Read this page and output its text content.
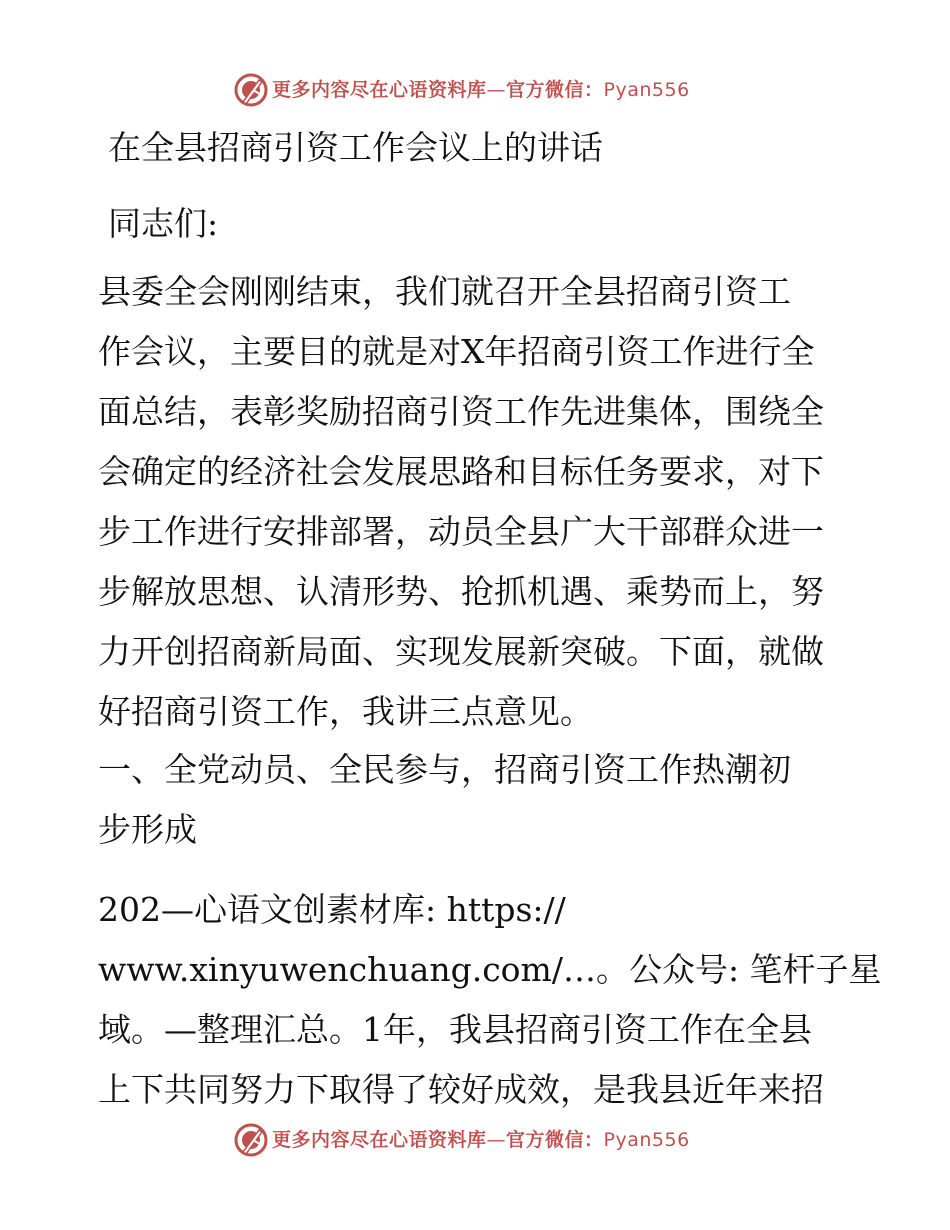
更多内容尽在心语资料库—官方微信：Pyan556
在全县招商引资工作会议上的讲话
同志们:
县委全会刚刚结束，我们就召开全县招商引资工
作会议，主要目的就是对X年招商引资工作进行全
面总结，表彰奖励招商引资工作先进集体，围绕全
会确定的经济社会发展思路和目标任务要求，对下
步工作进行安排部署，动员全县广大干部群众进一
步解放思想、认清形势、抢抓机遇、乘势而上，努
力开创招商新局面、实现发展新突破。下面，就做
好招商引资工作，我讲三点意见。
一、全党动员、全民参与，招商引资工作热潮初
步形成
202—心语文创素材库: https://
www.xinyuwenchuang.com/…。公众号: 笔杆子星
域。—整理汇总。1年，我县招商引资工作在全县
上下共同努力下取得了较好成效，是我县近年来招
更多内容尽在心语资料库—官方微信：Pyan556
